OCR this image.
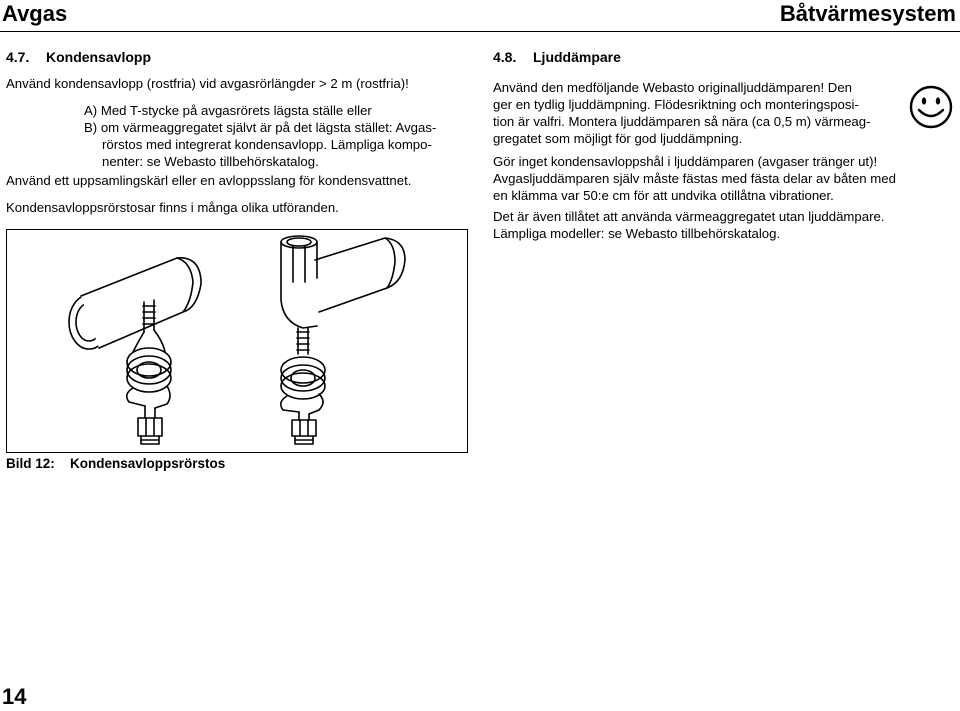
Avgas	Båtvärmesystem
4.7. Kondensavlopp

Använd kondensavlopp (rostfria) vid avgasrörlängder > 2 m (rostfria)!

A) Med T-stycke på avgasrörets lägsta ställe eller
B) om värmeaggregatet självt är på det lägsta stället: Avgas-
rörstos med integrerat kondensavlopp. Lämpliga kompo-
nenter: se Webasto tillbehörskatalog.

Använd ett uppsamlingskärl eller en avloppsslang för kondensvattnet.

Kondensavloppsrörstosar finns i många olika utföranden.

Bild 12: Kondensavloppsrörstos
4.8. Ljuddämpare
Använd den medföljande Webasto originalljuddämparen! Den
ger en tydlig ljuddämpning. Flödesriktning och monteringsposi-
tion är valfri. Montera ljuddämparen så nära (ca 0,5 m) värmeag-
gregatet som möjligt för god ljuddämpning.
Gör inget kondensavloppshål i ljuddämparen (avgaser tränger ut)!
Avgasljuddämparen själv måste fästas med fästa delar av båten med
en klämma var 50:e cm för att undvika otillåtna vibrationer.
Det är även tillåtet att använda värmeaggregatet utan ljuddämpare.
Lämpliga modeller: se Webasto tillbehörskatalog.
14
